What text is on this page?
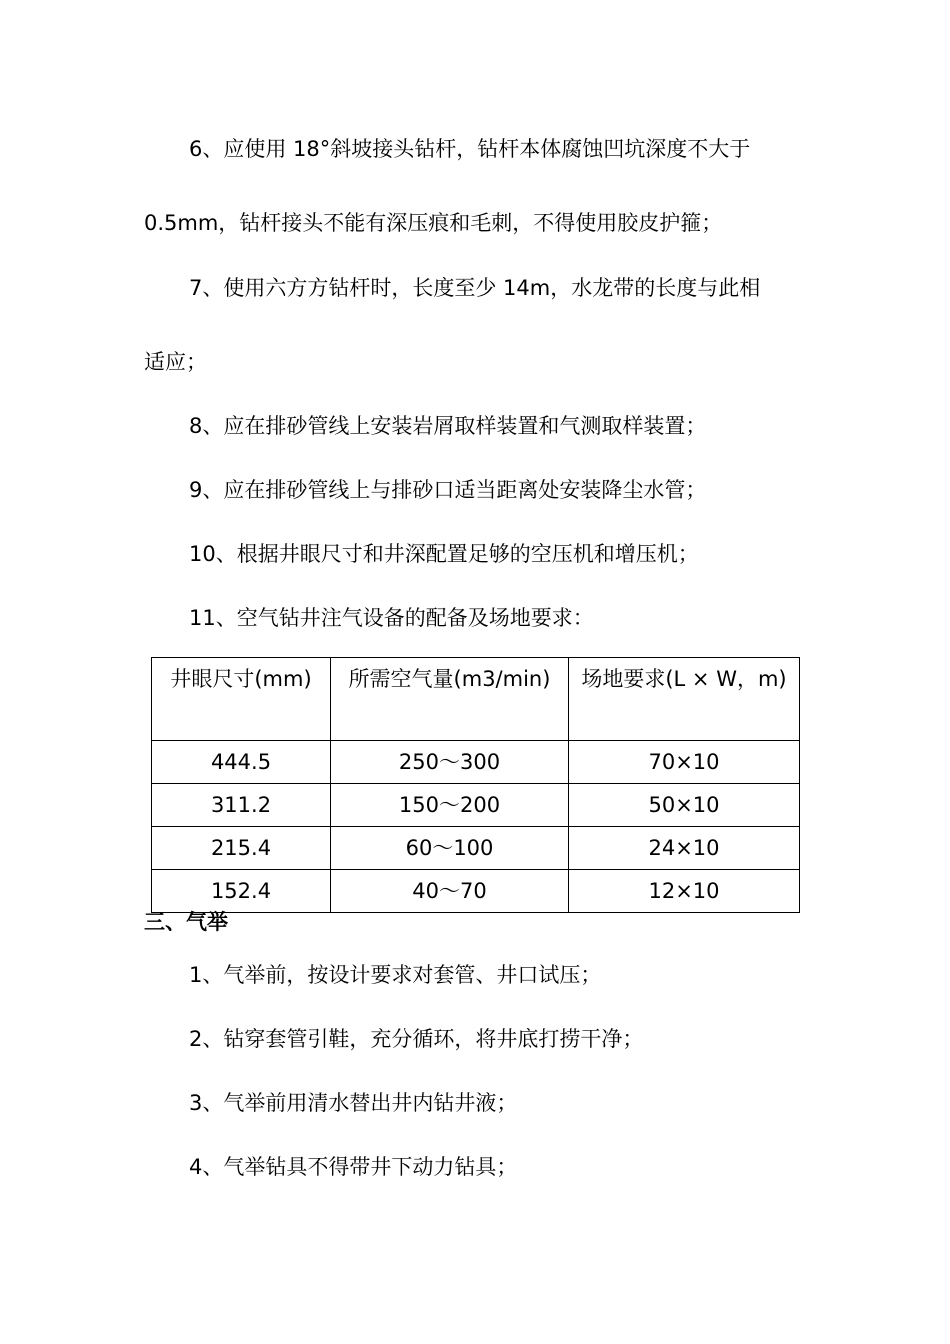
6、应使用 18°斜坡接头钻杆，钻杆本体腐蚀凹坑深度不大于
0.5mm，钻杆接头不能有深压痕和毛刺，不得使用胶皮护箍；
7、使用六方方钻杆时，长度至少 14m，水龙带的长度与此相
适应；
8、应在排砂管线上安装岩屑取样装置和气测取样装置；
9、应在排砂管线上与排砂口适当距离处安装降尘水管；
10、根据井眼尺寸和井深配置足够的空压机和增压机；
11、空气钻井注气设备的配备及场地要求：
井眼尺寸(mm)	所需空气量(m3/min)	场地要求(L × W，m)
444.5	250～300	70×10
311.2	150～200	50×10
215.4	60～100	24×10
152.4	40～70	12×10
三、气举
1、气举前，按设计要求对套管、井口试压；
2、钻穿套管引鞋，充分循环，将井底打捞干净；
3、气举前用清水替出井内钻井液；
4、气举钻具不得带井下动力钻具；
